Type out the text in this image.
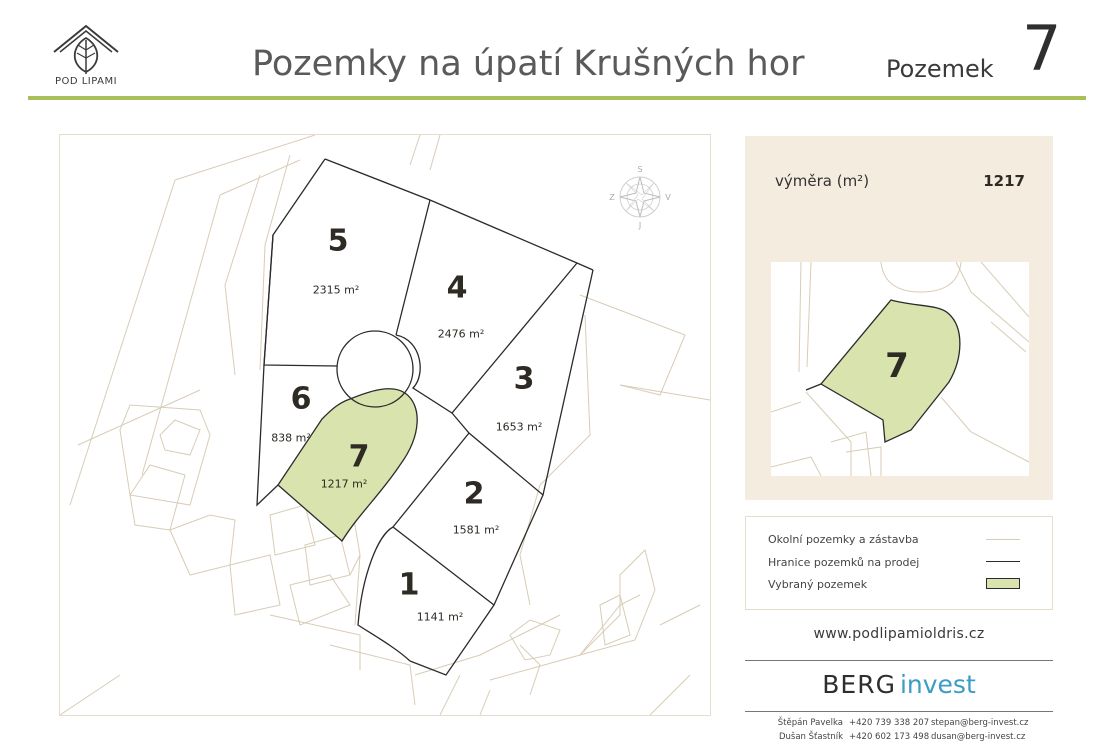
POD LIPAMI	Pozemky na úpatí Krušných hor	Pozemek 7
S
J
Z	V
5
2315 m²	4
2476 m²
3
1653 m²
6
838 m²
7
1217 m²	2
1581 m²
1
1141 m²
výměra (m²)	1217
7
Okolní pozemky a zástavba
Hranice pozemků na prodej
Vybraný pozemek
www.podlipamioldris.cz
BERG invest
Štěpán Pavelka +420 739 338 207 stepan@berg-invest.cz
Dušan Šťastník +420 602 173 498 dusan@berg-invest.cz
